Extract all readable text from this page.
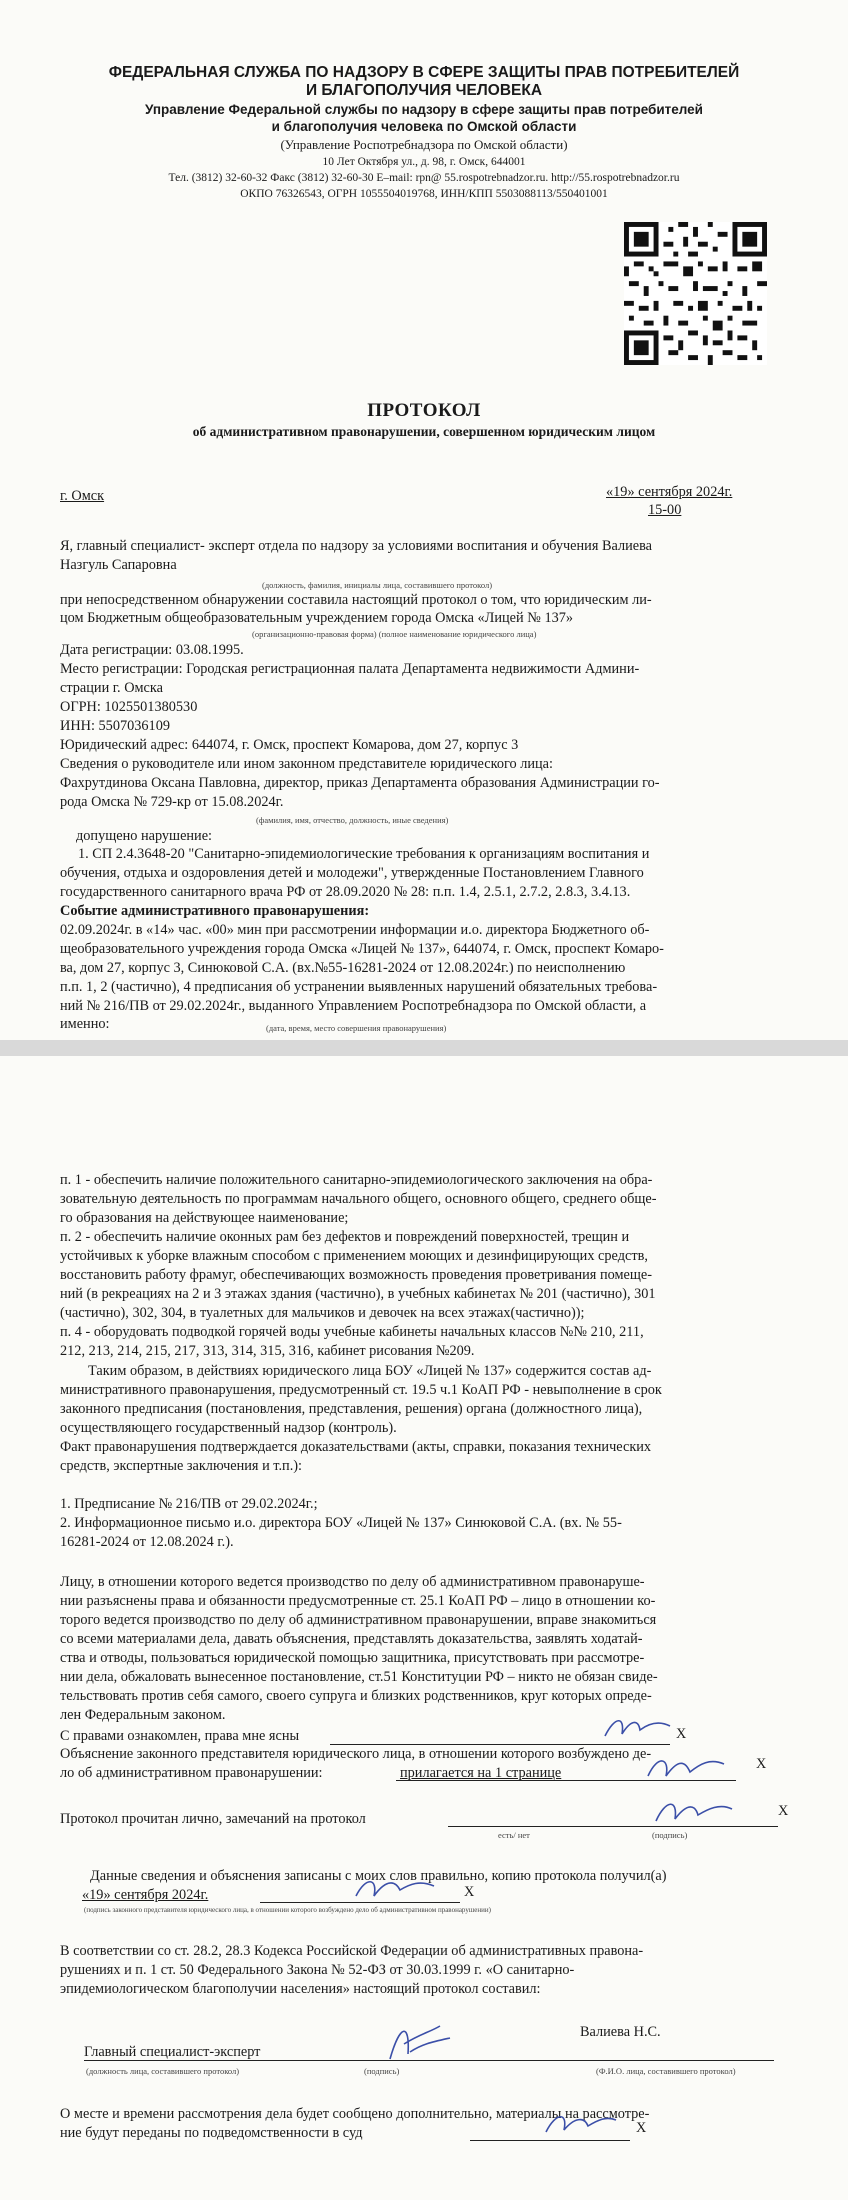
ФЕДЕРАЛЬНАЯ СЛУЖБА ПО НАДЗОРУ В СФЕРЕ ЗАЩИТЫ ПРАВ ПОТРЕБИТЕЛЕЙ
И БЛАГОПОЛУЧИЯ ЧЕЛОВЕКА
Управление Федеральной службы по надзору в сфере защиты прав потребителей
и благополучия человека по Омской области
(Управление Роспотребнадзора по Омской области)
10 Лет Октября ул., д. 98, г. Омск, 644001
Тел. (3812) 32-60-32 Факс (3812) 32-60-30 E–mail: rpn@ 55.rospotrebnadzor.ru. http://55.rospotrebnadzor.ru
ОКПО 76326543, ОГРН 1055504019768, ИНН/КПП 5503088113/550401001
ПРОТОКОЛ
об административном правонарушении, совершенном юридическим лицом
г. Омск	«19» сентября 2024г.
15-00
Я, главный специалист- эксперт отдела по надзору за условиями воспитания и обучения Валиева
Назгуль Сапаровна
(должность, фамилия, инициалы лица, составившего протокол)
при непосредственном обнаружении составила настоящий протокол о том, что юридическим ли-
цом Бюджетным общеобразовательным учреждением города Омска «Лицей № 137»
(организационно-правовая форма) (полное наименование юридического лица)
Дата регистрации: 03.08.1995.
Место регистрации: Городская регистрационная палата Департамента недвижимости Админи-
страции г. Омска
ОГРН: 1025501380530
ИНН: 5507036109
Юридический адрес: 644074, г. Омск, проспект Комарова, дом 27, корпус 3
Сведения о руководителе или ином законном представителе юридического лица:
Фахрутдинова Оксана Павловна, директор, приказ Департамента образования Администрации го-
рода Омска № 729-кр от 15.08.2024г.
(фамилия, имя, отчество, должность, иные сведения)
допущено нарушение:
1. СП 2.4.3648-20 "Санитарно-эпидемиологические требования к организациям воспитания и
обучения, отдыха и оздоровления детей и молодежи", утвержденные Постановлением Главного
государственного санитарного врача РФ от 28.09.2020 № 28: п.п. 1.4, 2.5.1, 2.7.2, 2.8.3, 3.4.13.
Событие административного правонарушения:
02.09.2024г. в «14» час. «00» мин при рассмотрении информации и.о. директора Бюджетного об-
щеобразовательного учреждения города Омска «Лицей № 137», 644074, г. Омск, проспект Комаро-
ва, дом 27, корпус 3, Синюковой С.А. (вх.№55-16281-2024 от 12.08.2024г.) по неисполнению
п.п. 1, 2 (частично), 4 предписания об устранении выявленных нарушений обязательных требова-
ний № 216/ПВ от 29.02.2024г., выданного Управлением Роспотребнадзора по Омской области, а
именно:	(дата, время, место совершения правонарушения)
п. 1 - обеспечить наличие положительного санитарно-эпидемиологического заключения на обра-
зовательную деятельность по программам начального общего, основного общего, среднего обще-
го образования на действующее наименование;
п. 2 - обеспечить наличие оконных рам без дефектов и повреждений поверхностей, трещин и
устойчивых к уборке влажным способом с применением моющих и дезинфицирующих средств,
восстановить работу фрамуг, обеспечивающих возможность проведения проветривания помеще-
ний (в рекреациях на 2 и 3 этажах здания (частично), в учебных кабинетах № 201 (частично), 301
(частично), 302, 304, в туалетных для мальчиков и девочек на всех этажах(частично));
п. 4 - оборудовать подводкой горячей воды учебные кабинеты начальных классов №№ 210, 211,
212, 213, 214, 215, 217, 313, 314, 315, 316, кабинет рисования №209.
Таким образом, в действиях юридического лица БОУ «Лицей № 137» содержится состав ад-
министративного правонарушения, предусмотренный ст. 19.5 ч.1 КоАП РФ - невыполнение в срок
законного предписания (постановления, представления, решения) органа (должностного лица),
осуществляющего государственный надзор (контроль).
Факт правонарушения подтверждается доказательствами (акты, справки, показания технических
средств, экспертные заключения и т.п.):
1. Предписание № 216/ПВ от 29.02.2024г.;
2. Информационное письмо и.о. директора БОУ «Лицей № 137» Синюковой С.А. (вх. № 55-
16281-2024 от 12.08.2024 г.).
Лицу, в отношении которого ведется производство по делу об административном правонаруше-
нии разъяснены права и обязанности предусмотренные ст. 25.1 КоАП РФ – лицо в отношении ко-
торого ведется производство по делу об административном правонарушении, вправе знакомиться
со всеми материалами дела, давать объяснения, представлять доказательства, заявлять ходатай-
ства и отводы, пользоваться юридической помощью защитника, присутствовать при рассмотре-
нии дела, обжаловать вынесенное постановление, ст.51 Конституции РФ – никто не обязан свиде-
тельствовать против себя самого, своего супруга и близких родственников, круг которых опреде-
лен Федеральным законом.
С правами ознакомлен, права мне ясны	Х
Объяснение законного представителя юридического лица, в отношении которого возбуждено де-
ло об административном правонарушении:	прилагается на 1 странице
Х
Протокол прочитан лично, замечаний на протокол	Х
есть/ нет	(подпись)
Данные сведения и объяснения записаны с моих слов правильно, копию протокола получил(а)
«19» сентября 2024г.	Х
(подпись законного представителя юридического лица, в отношении которого возбуждено дело об административном правонарушении)
В соответствии со ст. 28.2, 28.3 Кодекса Российской Федерации об административных правона-
рушениях и п. 1 ст. 50 Федерального Закона № 52-ФЗ от 30.03.1999 г. «О санитарно-
эпидемиологическом благополучии населения» настоящий протокол составил:
Главный специалист-эксперт
Валиева Н.С.
(должность лица, составившего протокол)	(подпись)	(Ф.И.О. лица, составившего протокол)
О месте и времени рассмотрения дела будет сообщено дополнительно, материалы на рассмотре-
ние будут переданы по подведомственности в суд	Х
